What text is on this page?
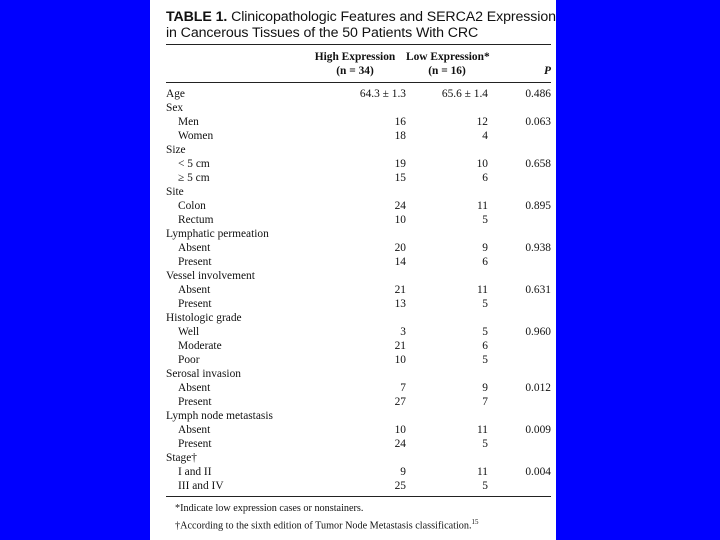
TABLE 1. Clinicopathologic Features and SERCA2 Expression
in Cancerous Tissues of the 50 Patients With CRC
	High Expression	Low Expression*	
	(n = 34)	(n = 16)	P

Age	64.3 ± 1.3	65.6 ± 1.4	0.486
Sex			
Men	16	12	0.063
Women	18	4	
Size			
< 5 cm	19	10	0.658
≥ 5 cm	15	6	
Site			
Colon	24	11	0.895
Rectum	10	5	
Lymphatic permeation			
Absent	20	9	0.938
Present	14	6	
Vessel involvement			
Absent	21	11	0.631
Present	13	5	
Histologic grade			
Well	3	5	0.960
Moderate	21	6	
Poor	10	5	
Serosal invasion			
Absent	7	9	0.012
Present	27	7	
Lymph node metastasis			
Absent	10	11	0.009
Present	24	5	
Stage†			
I and II	9	11	0.004
III and IV	25	5	
*Indicate low expression cases or nonstainers.
†According to the sixth edition of Tumor Node Metastasis classification.$^{15}$
